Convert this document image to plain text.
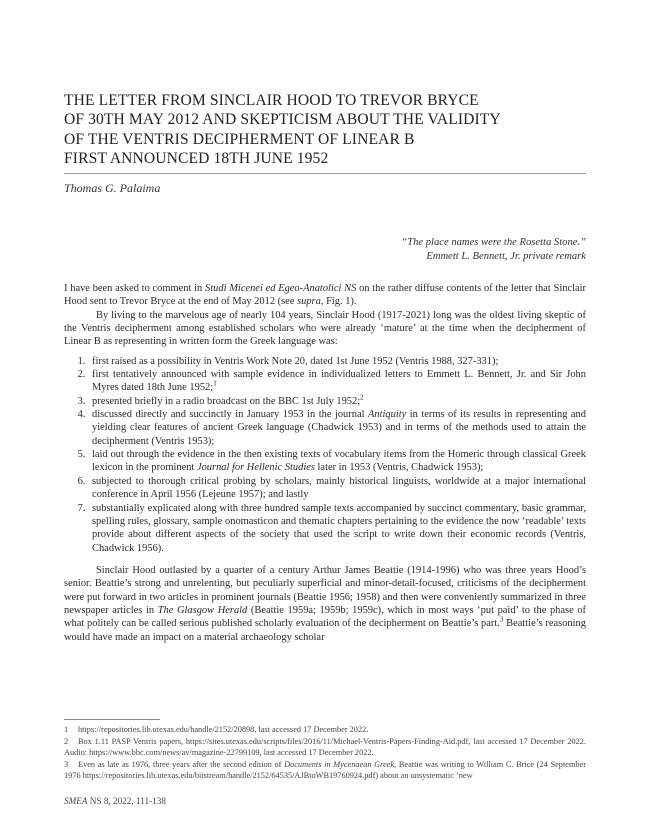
THE LETTER FROM SINCLAIR HOOD TO TREVOR BRYCE
OF 30TH MAY 2012 AND SKEPTICISM ABOUT THE VALIDITY
OF THE VENTRIS DECIPHERMENT OF LINEAR B
FIRST ANNOUNCED 18TH JUNE 1952
Thomas G. Palaima
“The place names were the Rosetta Stone.”
Emmett L. Bennett, Jr. private remark

I have been asked to comment in Studi Micenei ed Egeo-Anatolici NS on the rather diffuse contents of the letter that Sinclair Hood sent to Trevor Bryce at the end of May 2012 (see supra, Fig. 1).

By living to the marvelous age of nearly 104 years, Sinclair Hood (1917-2021) long was the oldest living skeptic of the Ventris decipherment among established scholars who were already ‘mature’ at the time when the decipherment of Linear B as representing in written form the Greek language was:

1. first raised as a possibility in Ventris Work Note 20, dated 1st June 1952 (Ventris 1988, 327-331);
2. first tentatively announced with sample evidence in individualized letters to Emmett L. Bennett, Jr. and Sir John Myres dated 18th June 1952;$^1$
3. presented briefly in a radio broadcast on the BBC 1st July 1952;$^2$
4. discussed directly and succinctly in January 1953 in the journal Antiquity in terms of its results in representing and yielding clear features of ancient Greek language (Chadwick 1953) and in terms of the methods used to attain the decipherment (Ventris 1953);
5. laid out through the evidence in the then existing texts of vocabulary items from the Homeric through classical Greek lexicon in the prominent Journal for Hellenic Studies later in 1953 (Ventris, Chadwick 1953);
6. subjected to thorough critical probing by scholars, mainly historical linguists, worldwide at a major international conference in April 1956 (Lejeune 1957); and lastly
7. substantially explicated along with three hundred sample texts accompanied by succinct commentary, basic grammar, spelling rules, glossary, sample onomasticon and thematic chapters pertaining to the evidence the now ‘readable’ texts provide about different aspects of the society that used the script to write down their economic records (Ventris, Chadwick 1956).

Sinclair Hood outlasted by a quarter of a century Arthur James Beattie (1914-1996) who was three years Hood’s senior. Beattie’s strong and unrelenting, but peculiarly superficial and minor-detail-focused, criticisms of the decipherment were put forward in two articles in prominent journals (Beattie 1956; 1958) and then were conveniently summarized in three newspaper articles in The Glasgow Herald (Beattie 1959a; 1959b; 1959c), which in most ways ‘put paid’ to the phase of what politely can be called serious published scholarly evaluation of the decipherment on Beattie’s part.$^3$ Beattie’s reasoning would have made an impact on a material archaeology scholar

1 https://repositories.lib.utexas.edu/handle/2152/20898, last accessed 17 December 2022.

2 Box 1.11 PASP Ventris papers, https://sites.utexas.edu/scripts/files/2016/11/Michael-Ventris-Papers-Finding-Aid.pdf, last accessed 17 December 2022. Audio: https://www.bbc.com/news/av/magazine-22799109, last accessed 17 December 2022.

3 Even as late as 1976, three years after the second edition of Documents in Mycenaean Greek, Beattie was writing to William C. Brice (24 September 1976 https://repositories.lib.utexas.edu/bitstream/handle/2152/64535/AJBtoWB19760924.pdf) about an unsystematic ‘new

SMEA NS 8, 2022, 111-138
